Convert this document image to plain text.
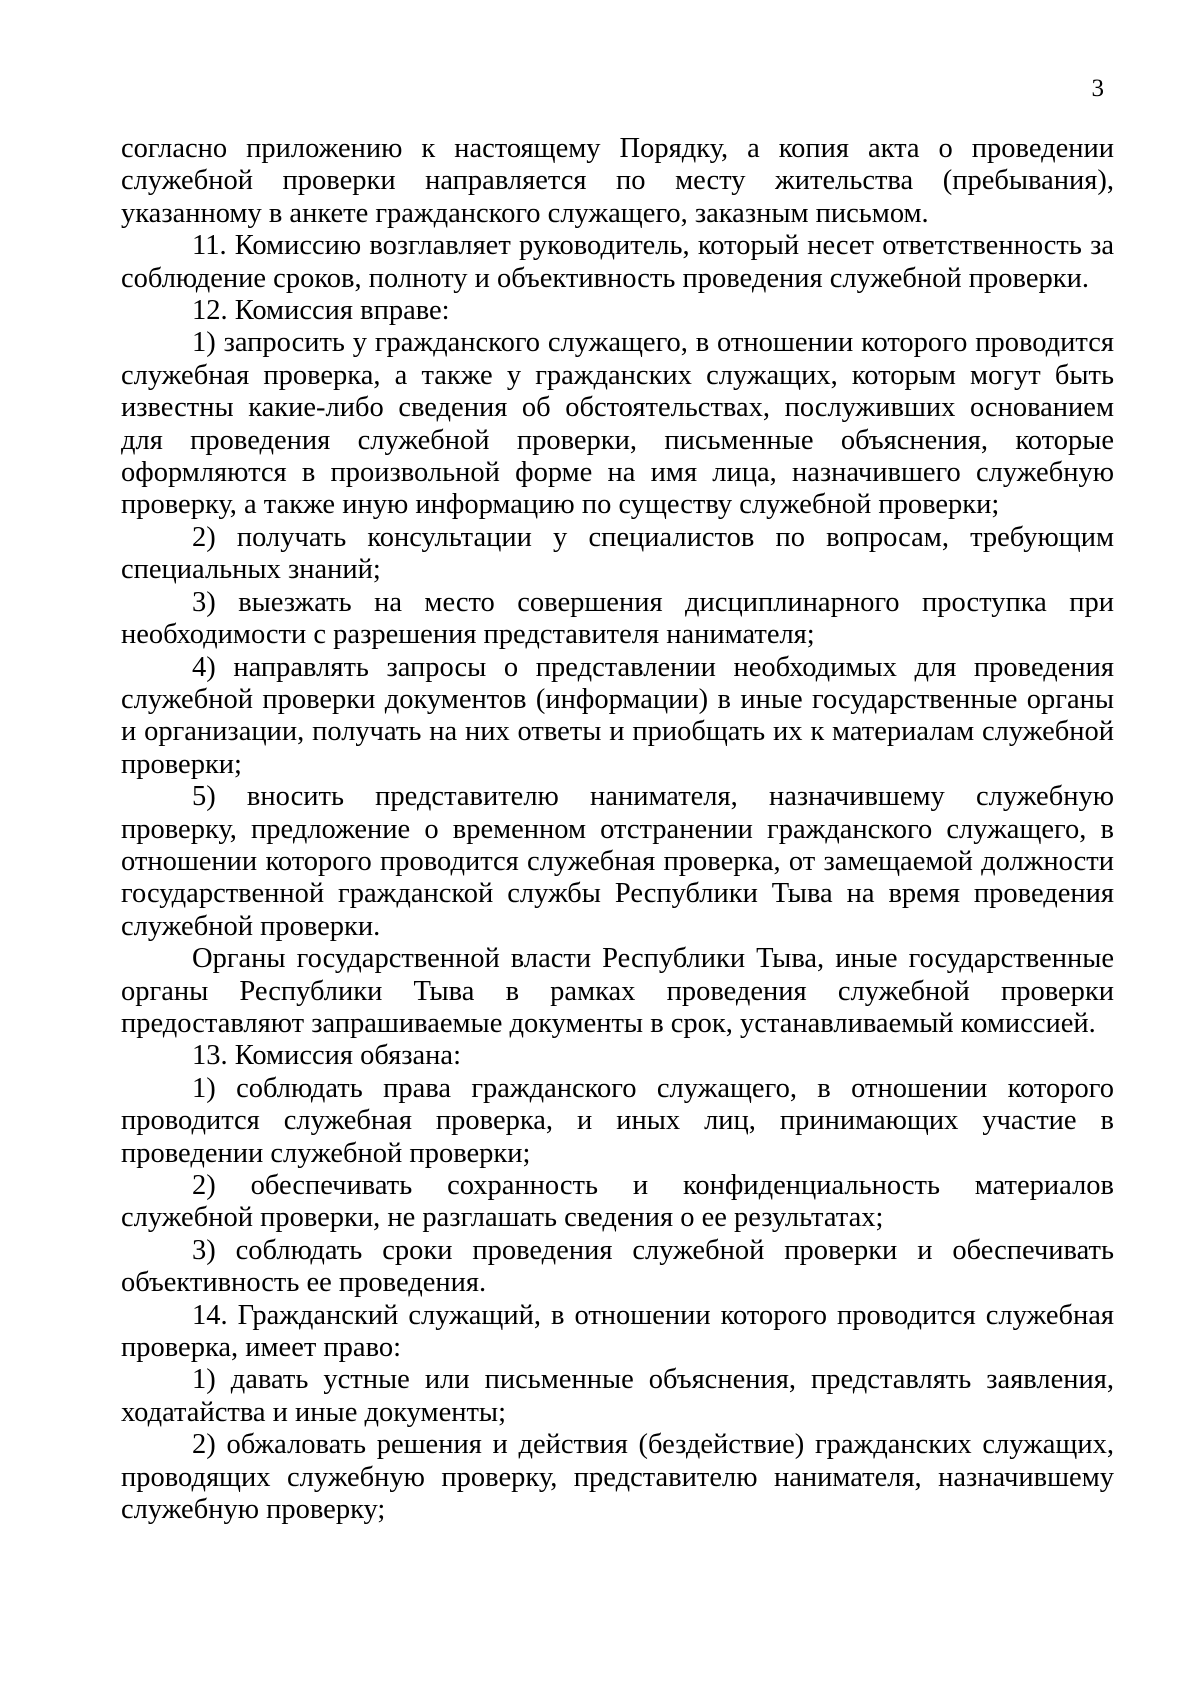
3

согласно приложению к настоящему Порядку, а копия акта о проведении служебной проверки направляется по месту жительства (пребывания), указанному в анкете гражданского служащего, заказным письмом.

11. Комиссию возглавляет руководитель, который несет ответственность за соблюдение сроков, полноту и объективность проведения служебной проверки.

12. Комиссия вправе:

1) запросить у гражданского служащего, в отношении которого проводится служебная проверка, а также у гражданских служащих, которым могут быть известны какие-либо сведения об обстоятельствах, послуживших основанием для проведения служебной проверки, письменные объяснения, которые оформляются в произвольной форме на имя лица, назначившего служебную проверку, а также иную информацию по существу служебной проверки;

2) получать консультации у специалистов по вопросам, требующим специальных знаний;

3) выезжать на место совершения дисциплинарного проступка при необходимости с разрешения представителя нанимателя;

4) направлять запросы о представлении необходимых для проведения служебной проверки документов (информации) в иные государственные органы и организации, получать на них ответы и приобщать их к материалам служебной проверки;

5) вносить представителю нанимателя, назначившему служебную проверку, предложение о временном отстранении гражданского служащего, в отношении которого проводится служебная проверка, от замещаемой должности государственной гражданской службы Республики Тыва на время проведения служебной проверки.

Органы государственной власти Республики Тыва, иные государственные органы Республики Тыва в рамках проведения служебной проверки предоставляют запрашиваемые документы в срок, устанавливаемый комиссией.

13. Комиссия обязана:

1) соблюдать права гражданского служащего, в отношении которого проводится служебная проверка, и иных лиц, принимающих участие в проведении служебной проверки;

2) обеспечивать сохранность и конфиденциальность материалов служебной проверки, не разглашать сведения о ее результатах;

3) соблюдать сроки проведения служебной проверки и обеспечивать объективность ее проведения.

14. Гражданский служащий, в отношении которого проводится служебная проверка, имеет право:

1) давать устные или письменные объяснения, представлять заявления, ходатайства и иные документы;

2) обжаловать решения и действия (бездействие) гражданских служащих, проводящих служебную проверку, представителю нанимателя, назначившему служебную проверку;
